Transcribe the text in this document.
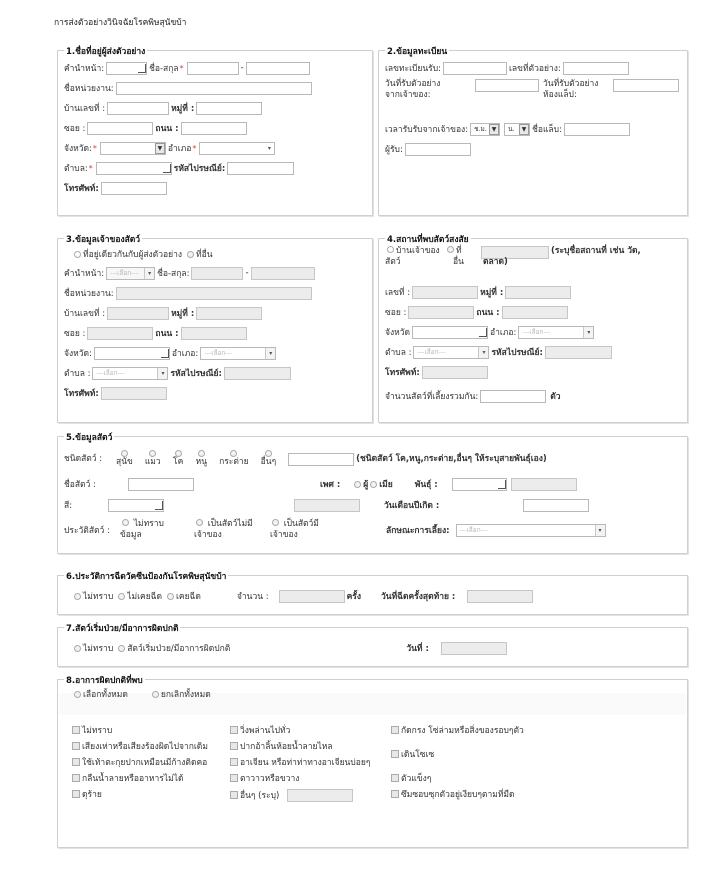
การส่งตัวอย่างวินิจฉัยโรคพิษสุนัขบ้า
1.ชื่อที่อยู่ผู้ส่งตัวอย่าง
คำนำหน้า:	ชื่อ-สกุล *	-
ชื่อหน่วยงาน:
บ้านเลขที่ :	หมู่ที่ :
ซอย :	ถนน :
จังหวัด: *	▼ อำเภอ *	▾
ตำบล: *	รหัสไปรษณีย์:
โทรศัพท์:
2.ข้อมูลทะเบียน
เลขทะเบียนรับ:	เลขที่ตัวอย่าง:
วันที่รับตัวอย่าง
จากเจ้าของ:
วันที่รับตัวอย่าง
ห้องแล็ป:
เวลารับรับจากเจ้าของ: ช.ม. ▼	น.	▼ ชื่อแล็บ:
ผู้รับ:
3.ข้อมูลเจ้าของสัตว์
ที่อยู่เดียวกันกับผู้ส่งตัวอย่าง ที่อื่น
คำนำหน้า: ---เลือก---	▾ ชื่อ-สกุล:	-
ชื่อหน่วยงาน:
บ้านเลขที่ :	หมู่ที่ :
ซอย :	ถนน :
จังหวัด:	อำเภอ: ---เลือก---	▾
ตำบล : ---เลือก---	▾ รหัสไปรษณีย์:
โทรศัพท์:
4.สถานที่พบสัตว์สงสัย
บ้านเจ้าของ
สัตว์
ที่
อื่น
(ระบุชื่อสถานที่ เช่น วัด,
ตลาด)
เลขที่ :	หมู่ที่ :
ซอย :	ถนน :
จังหวัด	อำเภอ: ---เลือก---	▾
ตำบล : ---เลือก---	▾ รหัสไปรษณีย์:
โทรศัพท์:
จำนวนสัตว์ที่เลี้ยงรวมกัน:	ตัว
5.ข้อมูลสัตว์
ชนิดสัตว์ :	สุนัข แมว โค หนู กระต่าย อื่นๆ	(ชนิดสัตว์ โค,หนู,กระต่าย,อื่นๆ ให้ระบุสายพันธุ์เอง)
ชื่อสัตว์ :	เพศ :	ผู้ เมีย	พันธุ์ :
สี:	วันเดือนปีเกิด :
ประวัติสัตว์ :
ไม่ทราบ
ข้อมูล
เป็นสัตว์ไม่มี
เจ้าของ
เป็นสัตว์มี
เจ้าของ	ลักษณะการเลี้ยง: ---เลือก---	▾
6.ประวัติการฉีดวัคซีนป้องกันโรคพิษสุนัขบ้า
ไม่ทราบ ไม่เคยฉีด เคยฉีด	จำนวน :	ครั้ง วันที่ฉีดครั้งสุดท้าย :
7.สัตว์เริ่มป่วย/มีอาการผิดปกติ
ไม่ทราบ สัตว์เริ่มป่วย/มีอาการผิดปกติ	วันที่ :
8.อาการผิดปกติที่พบ
เลือกทั้งหมด	ยกเลิกทั้งหมด
ไม่ทราบ
เสียงเห่าหรือเสียงร้องผิดไปจากเดิม
ใช้เท้าตะกุยปากเหมือนมีก้างติดคอ
กลืนน้ำลายหรืออาหารไม่ได้
ดุร้าย
วิ่งพล่านไปทั่ว
ปากอ้าลิ้นห้อยน้ำลายไหล
อาเจียน หรือท่าท่าทางอาเจียนบ่อยๆ
ตาวาวหรือขวาง
อื่นๆ (ระบุ)
กัดกรง โซ่ล่ามหรือสิ่งของรอบๆตัว
เดินโซเซ
ตัวแข็งๆ
ซึมซอบซุกตัวอยู่เงียบๆตามที่มืด
